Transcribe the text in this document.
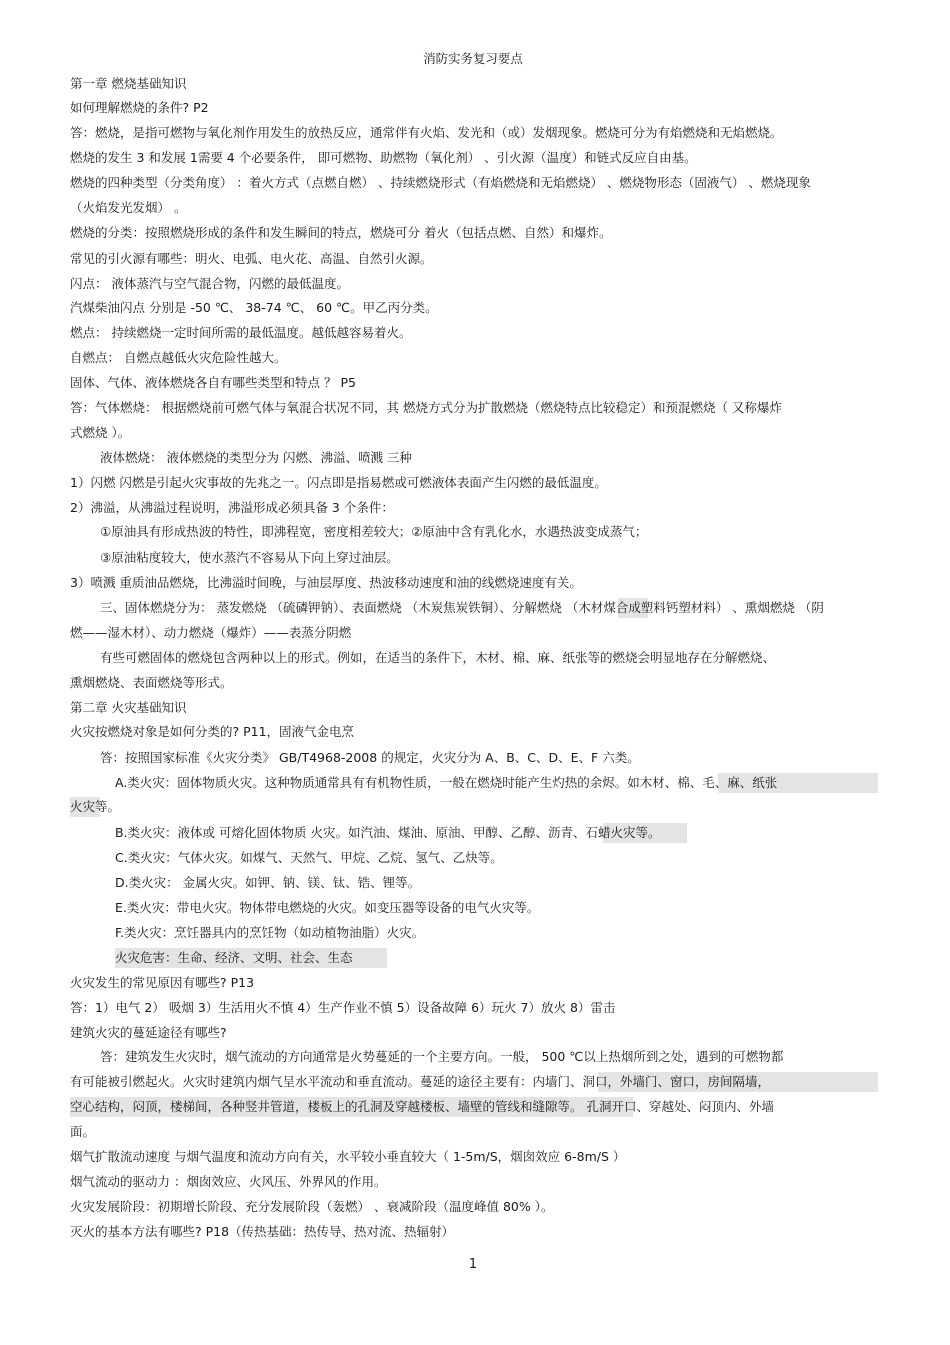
消防实务复习要点
第一章 燃烧基础知识
如何理解燃烧的条件? P2
答：燃烧，是指可燃物与氧化剂作用发生的放热反应，通常伴有火焰、发光和（或）发烟现象。燃烧可分为有焰燃烧和无焰燃烧。
燃烧的发生 3 和发展 1需要 4 个必要条件， 即可燃物、助燃物（氧化剂） 、引火源（温度）和链式反应自由基。
燃烧的四种类型（分类角度） ：着火方式（点燃自燃） 、持续燃烧形式（有焰燃烧和无焰燃烧） 、燃烧物形态（固液气） 、燃烧现象
（火焰发光发烟） 。
燃烧的分类：按照燃烧形成的条件和发生瞬间的特点，燃烧可分 着火（包括点燃、自然）和爆炸。
常见的引火源有哪些：明火、电弧、电火花、高温、自然引火源。
闪点： 液体蒸汽与空气混合物，闪燃的最低温度。
汽煤柴油闪点 分别是 -50 ℃、 38-74 ℃、 60 ℃。甲乙丙分类。
燃点： 持续燃烧一定时间所需的最低温度。越低越容易着火。
自燃点： 自燃点越低火灾危险性越大。
固体、气体、液体燃烧各自有哪些类型和特点 ？ P5
答：气体燃烧： 根据燃烧前可燃气体与氧混合状况不同，其 燃烧方式分为扩散燃烧（燃烧特点比较稳定）和预混燃烧（ 又称爆炸
式燃烧 ）。
液体燃烧： 液体燃烧的类型分为 闪燃、沸溢、喷溅 三种
1）闪燃 闪燃是引起火灾事故的先兆之一。闪点即是指易燃或可燃液体表面产生闪燃的最低温度。
2）沸溢，从沸溢过程说明，沸溢形成必须具备 3 个条件：
①原油具有形成热波的特性，即沸程宽，密度相差较大；②原油中含有乳化水，水遇热波变成蒸气；
③原油粘度较大，使水蒸汽不容易从下向上穿过油层。
3）喷溅 重质油品燃烧，比沸溢时间晚，与油层厚度、热波移动速度和油的线燃烧速度有关。
三、固体燃烧分为： 蒸发燃烧 （硫磷钾钠）、表面燃烧 （木炭焦炭铁铜）、分解燃烧 （木材煤合成塑料钙塑材料） 、熏烟燃烧 （阴
燃——湿木材）、动力燃烧（爆炸）——表蒸分阴燃
有些可燃固体的燃烧包含两种以上的形式。例如，在适当的条件下，木材、棉、麻、纸张等的燃烧会明显地存在分解燃烧、
熏烟燃烧、表面燃烧等形式。
第二章 火灾基础知识
火灾按燃烧对象是如何分类的? P11，固液气金电烹
答：按照国家标准《火灾分类》 GB/T4968-2008 的规定，火灾分为 A、B、C、D、E、F 六类。
A.类火灾：固体物质火灾。这种物质通常具有有机物性质，一般在燃烧时能产生灼热的余烬。如木材、棉、毛、麻、纸张
火灾等。
B.类火灾：液体或 可熔化固体物质 火灾。如汽油、煤油、原油、甲醇、乙醇、沥青、石蜡火灾等。
C.类火灾：气体火灾。如煤气、天然气、甲烷、乙烷、氢气、乙炔等。
D.类火灾： 金属火灾。如钾、钠、镁、钛、锆、锂等。
E.类火灾：带电火灾。物体带电燃烧的火灾。如变压器等设备的电气火灾等。
F.类火灾：烹饪器具内的烹饪物（如动植物油脂）火灾。
火灾危害：生命、经济、文明、社会、生态
火灾发生的常见原因有哪些? P13
答：1）电气 2） 吸烟 3）生活用火不慎 4）生产作业不慎 5）设备故障 6）玩火 7）放火 8）雷击
建筑火灾的蔓延途径有哪些?
答：建筑发生火灾时，烟气流动的方向通常是火势蔓延的一个主要方向。一般， 500 ℃以上热烟所到之处，遇到的可燃物都
有可能被引燃起火。火灾时建筑内烟气呈水平流动和垂直流动。蔓延的途径主要有：内墙门、洞口，外墙门、窗口，房间隔墙，
空心结构，闷顶，楼梯间，各种竖井管道，楼板上的孔洞及穿越楼板、墙壁的管线和缝隙等。 孔洞开口、穿越处、闷顶内、外墙
面。
烟气扩散流动速度 与烟气温度和流动方向有关，水平较小垂直较大（ 1-5m/S，烟囱效应 6-8m/S ）
烟气流动的驱动力 ：烟囱效应、火风压、外界风的作用。
火灾发展阶段：初期增长阶段、充分发展阶段（轰燃） 、衰减阶段（温度峰值 80% ）。
灭火的基本方法有哪些? P18（传热基础：热传导、热对流、热辐射）
1
